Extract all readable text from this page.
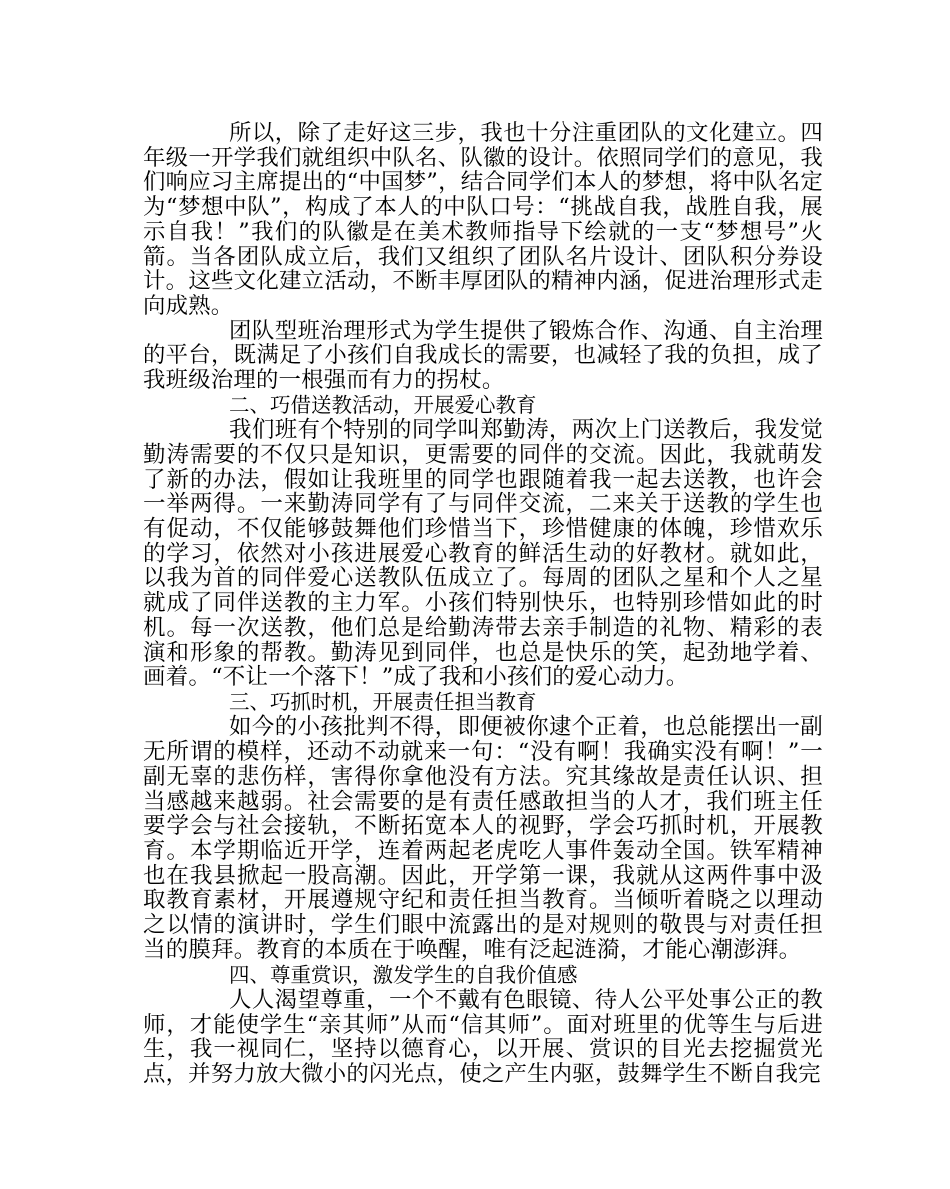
所以，除了走好这三步，我也十分注重团队的文化建立。四年级一开学我们就组织中队名、队徽的设计。依照同学们的意见，我们响应习主席提出的“中国梦”，结合同学们本人的梦想，将中队名定为“梦想中队”，构成了本人的中队口号：“挑战自我，战胜自我，展示自我！”我们的队徽是在美术教师指导下绘就的一支“梦想号”火箭。当各团队成立后，我们又组织了团队名片设计、团队积分券设计。这些文化建立活动，不断丰厚团队的精神内涵，促进治理形式走向成熟。

团队型班治理形式为学生提供了锻炼合作、沟通、自主治理的平台，既满足了小孩们自我成长的需要，也减轻了我的负担，成了我班级治理的一根强而有力的拐杖。

二、巧借送教活动，开展爱心教育

我们班有个特别的同学叫郑勤涛，两次上门送教后，我发觉勤涛需要的不仅只是知识，更需要的同伴的交流。因此，我就萌发了新的办法，假如让我班里的同学也跟随着我一起去送教，也许会一举两得。一来勤涛同学有了与同伴交流，二来关于送教的学生也有促动，不仅能够鼓舞他们珍惜当下，珍惜健康的体魄，珍惜欢乐的学习，依然对小孩进展爱心教育的鲜活生动的好教材。就如此，以我为首的同伴爱心送教队伍成立了。每周的团队之星和个人之星就成了同伴送教的主力军。小孩们特别快乐，也特别珍惜如此的时机。每一次送教，他们总是给勤涛带去亲手制造的礼物、精彩的表演和形象的帮教。勤涛见到同伴，也总是快乐的笑，起劲地学着、画着。“不让一个落下！”成了我和小孩们的爱心动力。

三、巧抓时机，开展责任担当教育

如今的小孩批判不得，即便被你逮个正着，也总能摆出一副无所谓的模样，还动不动就来一句：“没有啊！我确实没有啊！”一副无辜的悲伤样，害得你拿他没有方法。究其缘故是责任认识、担当感越来越弱。社会需要的是有责任感敢担当的人才，我们班主任要学会与社会接轨，不断拓宽本人的视野，学会巧抓时机，开展教育。本学期临近开学，连着两起老虎吃人事件轰动全国。铁军精神也在我县掀起一股高潮。因此，开学第一课，我就从这两件事中汲取教育素材，开展遵规守纪和责任担当教育。当倾听着晓之以理动之以情的演讲时，学生们眼中流露出的是对规则的敬畏与对责任担当的膜拜。教育的本质在于唤醒，唯有泛起涟漪，才能心潮澎湃。

四、尊重赏识，激发学生的自我价值感

人人渴望尊重，一个不戴有色眼镜、待人公平处事公正的教师，才能使学生“亲其师”从而“信其师”。面对班里的优等生与后进生，我一视同仁，坚持以德育心，以开展、赏识的目光去挖掘赏光点，并努力放大微小的闪光点，使之产生内驱，鼓舞学生不断自我完
